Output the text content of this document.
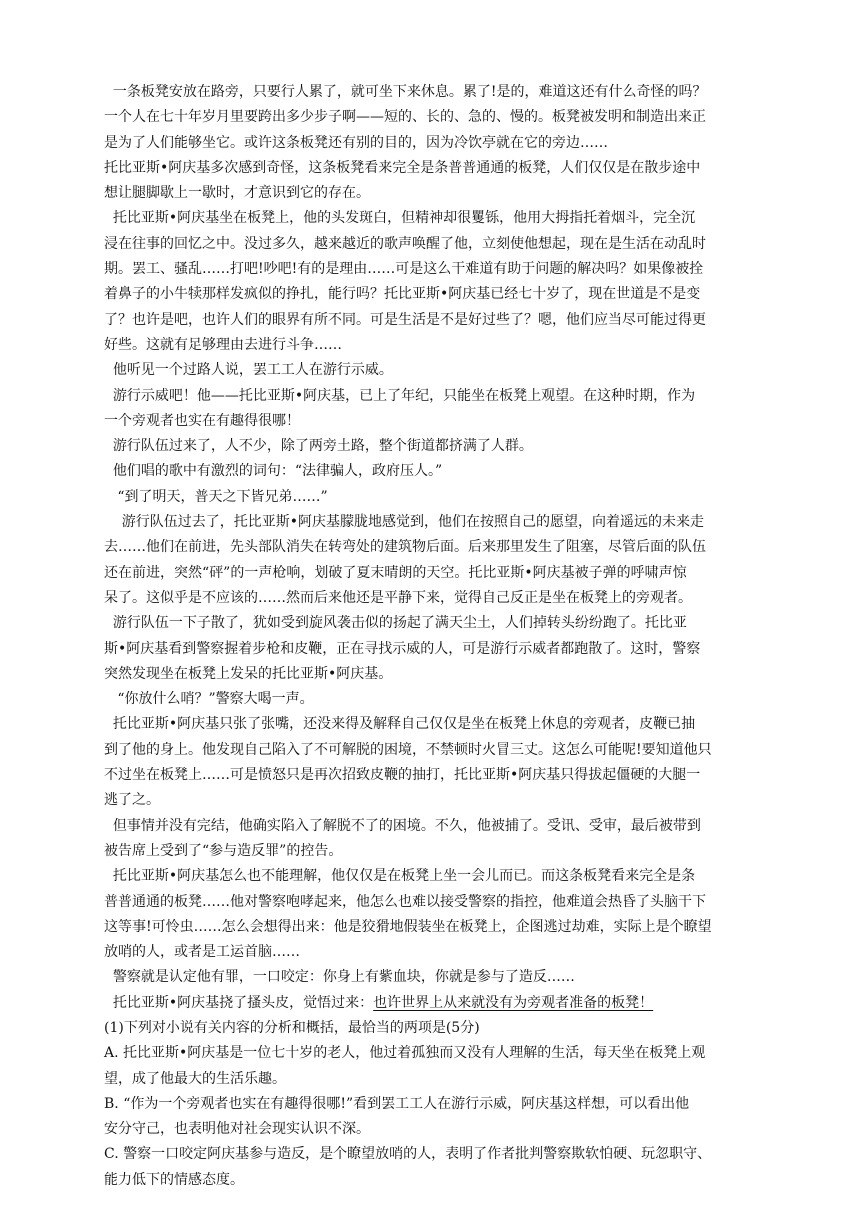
一条板凳安放在路旁，只要行人累了，就可坐下来休息。累了!是的，难道这还有什么奇怪的吗？
一个人在七十年岁月里要跨出多少步子啊——短的、长的、急的、慢的。板凳被发明和制造出来正
是为了人们能够坐它。或许这条板凳还有别的目的，因为冷饮亭就在它的旁边……
托比亚斯•阿庆基多次感到奇怪，这条板凳看来完全是条普普通通的板凳，人们仅仅是在散步途中
想让腿脚歇上一歇时，才意识到它的存在。
托比亚斯•阿庆基坐在板凳上，他的头发斑白，但精神却很矍铄，他用大拇指托着烟斗，完全沉
浸在往事的回忆之中。没过多久，越来越近的歌声唤醒了他，立刻使他想起，现在是生活在动乱时
期。罢工、骚乱……打吧!吵吧!有的是理由……可是这么干难道有助于问题的解决吗？如果像被拴
着鼻子的小牛犊那样发疯似的挣扎，能行吗？托比亚斯•阿庆基已经七十岁了，现在世道是不是变
了？也许是吧，也许人们的眼界有所不同。可是生活是不是好过些了？嗯，他们应当尽可能过得更
好些。这就有足够理由去进行斗争……
他听见一个过路人说，罢工工人在游行示威。
游行示威吧！他——托比亚斯•阿庆基，已上了年纪，只能坐在板凳上观望。在这种时期，作为
一个旁观者也实在有趣得很哪！
游行队伍过来了，人不少，除了两旁土路，整个街道都挤满了人群。
他们唱的歌中有激烈的词句：“法律骗人，政府压人。”
“到了明天，普天之下皆兄弟……”
游行队伍过去了，托比亚斯•阿庆基朦胧地感觉到，他们在按照自己的愿望，向着遥远的未来走
去……他们在前进，先头部队消失在转弯处的建筑物后面。后来那里发生了阻塞，尽管后面的队伍
还在前进，突然“砰”的一声枪响，划破了夏末晴朗的天空。托比亚斯•阿庆基被子弹的呼啸声惊
呆了。这似乎是不应该的……然而后来他还是平静下来，觉得自己反正是坐在板凳上的旁观者。
游行队伍一下子散了，犹如受到旋风袭击似的扬起了满天尘土，人们掉转头纷纷跑了。托比亚
斯•阿庆基看到警察握着步枪和皮鞭，正在寻找示威的人，可是游行示威者都跑散了。这时，警察
突然发现坐在板凳上发呆的托比亚斯•阿庆基。
“你放什么哨？”警察大喝一声。
托比亚斯•阿庆基只张了张嘴，还没来得及解释自己仅仅是坐在板凳上休息的旁观者，皮鞭已抽
到了他的身上。他发现自己陷入了不可解脱的困境，不禁顿时火冒三丈。这怎么可能呢!要知道他只
不过坐在板凳上……可是愤怒只是再次招致皮鞭的抽打，托比亚斯•阿庆基只得拔起僵硬的大腿一
逃了之。
但事情并没有完结，他确实陷入了解脱不了的困境。不久，他被捕了。受讯、受审，最后被带到
被告席上受到了“参与造反罪”的控告。
托比亚斯•阿庆基怎么也不能理解，他仅仅是在板凳上坐一会儿而已。而这条板凳看来完全是条
普普通通的板凳……他对警察咆哮起来，他怎么也难以接受警察的指控，他难道会热昏了头脑干下
这等事!可怜虫……怎么会想得出来：他是狡猾地假装坐在板凳上，企图逃过劫难，实际上是个瞭望
放哨的人，或者是工运首脑……
警察就是认定他有罪，一口咬定：你身上有紫血块，你就是参与了造反……
托比亚斯•阿庆基挠了搔头皮，觉悟过来：也许世界上从来就没有为旁观者准备的板凳！
(1)下列对小说有关内容的分析和概括，最恰当的两项是(5分)
A. 托比亚斯•阿庆基是一位七十岁的老人，他过着孤独而又没有人理解的生活，每天坐在板凳上观
望，成了他最大的生活乐趣。
B. “作为一个旁观者也实在有趣得很哪!”看到罢工工人在游行示威，阿庆基这样想，可以看出他
安分守己，也表明他对社会现实认识不深。
C. 警察一口咬定阿庆基参与造反，是个瞭望放哨的人，表明了作者批判警察欺软怕硬、玩忽职守、
能力低下的情感态度。
